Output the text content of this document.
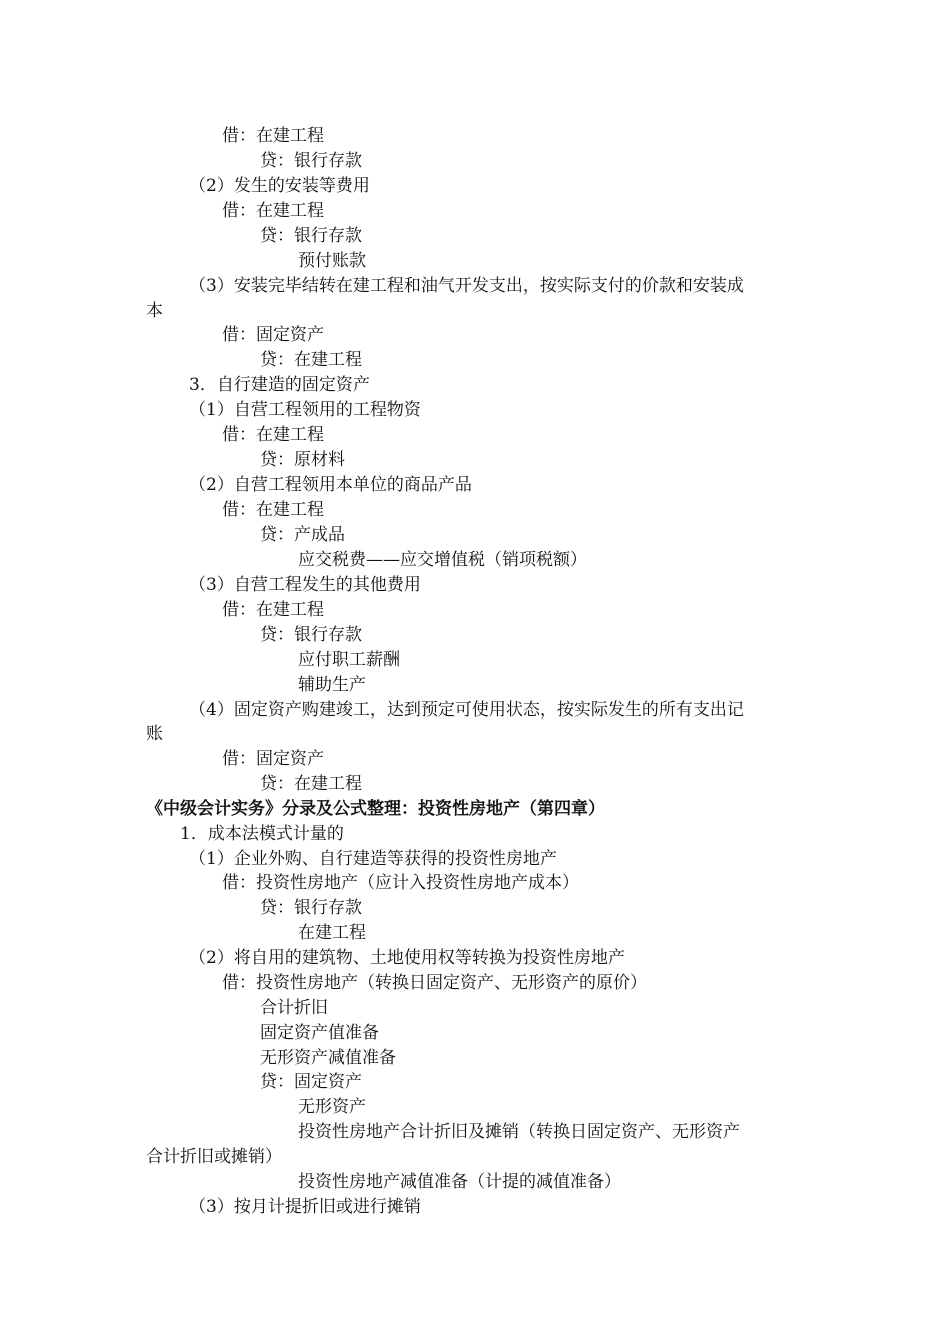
借：在建工程
贷：银行存款
（2）发生的安装等费用
借：在建工程
贷：银行存款
预付账款
（3）安装完毕结转在建工程和油气开发支出，按实际支付的价款和安装成
本
借：固定资产
贷：在建工程
3．自行建造的固定资产
（1）自营工程领用的工程物资
借：在建工程
贷：原材料
（2）自营工程领用本单位的商品产品
借：在建工程
贷：产成品
应交税费——应交增值税（销项税额）
（3）自营工程发生的其他费用
借：在建工程
贷：银行存款
应付职工薪酬
辅助生产
（4）固定资产购建竣工，达到预定可使用状态，按实际发生的所有支出记
账
借：固定资产
贷：在建工程
《中级会计实务》分录及公式整理：投资性房地产（第四章）
1．成本法模式计量的
（1）企业外购、自行建造等获得的投资性房地产
借：投资性房地产（应计入投资性房地产成本）
贷：银行存款
在建工程
（2）将自用的建筑物、土地使用权等转换为投资性房地产
借：投资性房地产（转换日固定资产、无形资产的原价）
合计折旧
固定资产值准备
无形资产减值准备
贷：固定资产
无形资产
投资性房地产合计折旧及摊销（转换日固定资产、无形资产
合计折旧或摊销）
投资性房地产减值准备（计提的减值准备）
（3）按月计提折旧或进行摊销
